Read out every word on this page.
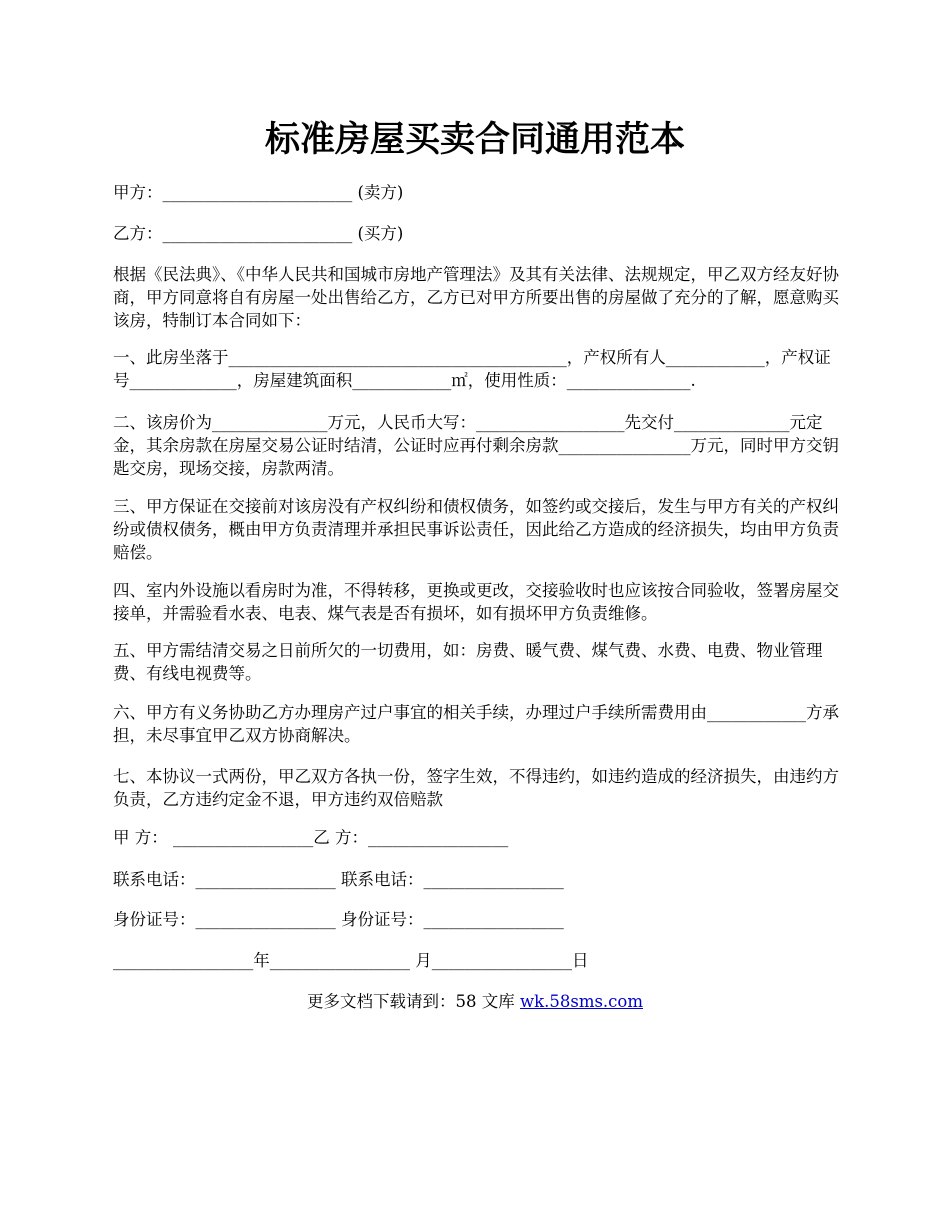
标准房屋买卖合同通用范本
甲方：_______________________ (卖方)
乙方：_______________________ (买方)
根据《民法典》、《中华人民共和国城市房地产管理法》及其有关法律、法规规定，甲乙双方经友好协商，甲方同意将自有房屋一处出售给乙方，乙方已对甲方所要出售的房屋做了充分的了解，愿意购买该房，特制订本合同如下：
一、此房坐落于_________________________________________，产权所有人____________，产权证号_____________，房屋建筑面积____________㎡，使用性质：_______________.
二、该房价为______________万元，人民币大写：__________________先交付______________元定金，其余房款在房屋交易公证时结清，公证时应再付剩余房款________________万元，同时甲方交钥匙交房，现场交接，房款两清。
三、甲方保证在交接前对该房没有产权纠纷和债权债务，如签约或交接后，发生与甲方有关的产权纠纷或债权债务，概由甲方负责清理并承担民事诉讼责任，因此给乙方造成的经济损失，均由甲方负责赔偿。
四、室内外设施以看房时为准，不得转移，更换或更改，交接验收时也应该按合同验收，签署房屋交接单，并需验看水表、电表、煤气表是否有损坏，如有损坏甲方负责维修。
五、甲方需结清交易之日前所欠的一切费用，如：房费、暖气费、煤气费、水费、电费、物业管理费、有线电视费等。
六、甲方有义务协助乙方办理房产过户事宜的相关手续，办理过户手续所需费用由____________方承担，未尽事宜甲乙双方协商解决。
七、本协议一式两份，甲乙双方各执一份，签字生效，不得违约，如违约造成的经济损失，由违约方负责，乙方违约定金不退，甲方违约双倍赔款
甲 方： _________________乙 方：_________________
联系电话：_________________ 联系电话：_________________
身份证号：_________________ 身份证号：_________________
_________________年_________________ 月_________________日
更多文档下载请到：58 文库 wk.58sms.com
